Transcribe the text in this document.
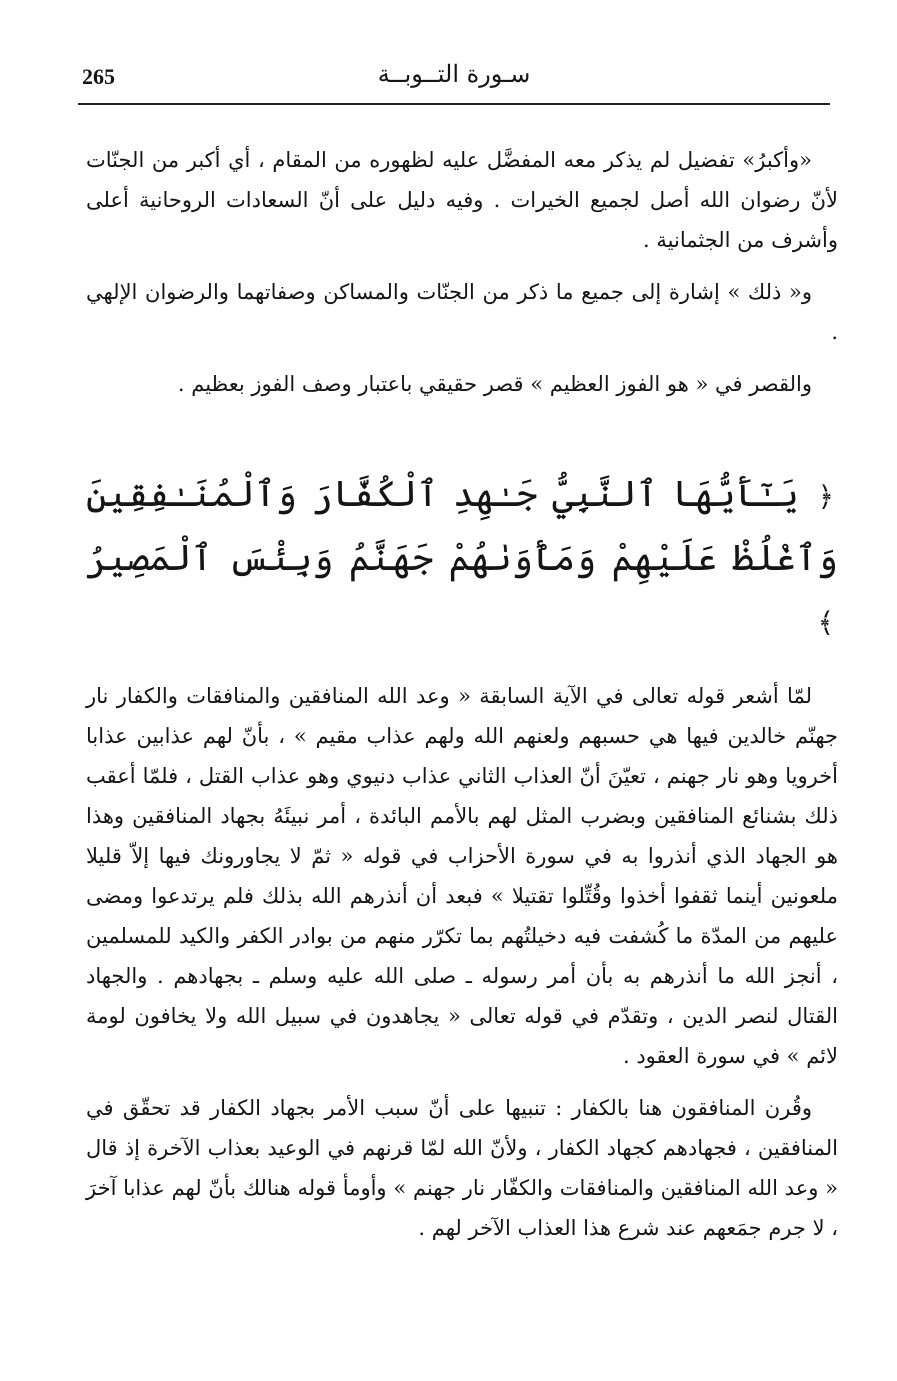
265	سـورة التــوبــة

«وأكبرُ» تفضيل لم يذكر معه المفضَّل عليه لظهوره من المقام ، أي أكبر من الجنّات لأنّ رضوان الله أصل لجميع الخيرات . وفيه دليل على أنّ السعادات الروحانية أعلى وأشرف من الجثمانية .

و« ذلك » إشارة إلى جميع ما ذكر من الجنّات والمساكن وصفاتهما والرضوان الإلهي .

والقصر في « هو الفوز العظيم » قصر حقيقي باعتبار وصف الفوز بعظيم .

﴿ يَـٰٓأَيُّهَا ٱلنَّبِيُّ جَـٰهِدِ ٱلْكُفَّارَ وَٱلْمُنَـٰفِقِينَ وَٱغْلُظْ عَلَيْهِمْ وَمَأْوَىٰهُمْ جَهَنَّمُ وَبِئْسَ ٱلْمَصِيرُ ﴾

لمّا أشعر قوله تعالى في الآية السابقة « وعد الله المنافقين والمنافقات والكفار نار جهنّم خالدين فيها هي حسبهم ولعنهم الله ولهم عذاب مقيم » ، بأنّ لهم عذابين عذابا أخرويا وهو نار جهنم ، تعيّنَ أنّ العذاب الثاني عذاب دنيوي وهو عذاب القتل ، فلمّا أعقب ذلك بشنائع المنافقين وبضرب المثل لهم بالأمم البائدة ، أمر نبيئَهُ بجهاد المنافقين وهذا هو الجهاد الذي أنذروا به في سورة الأحزاب في قوله « ثمّ لا يجاورونك فيها إلاّ قليلا ملعونين أينما ثقفوا أخذوا وقُتِّلوا تقتيلا » فبعد أن أنذرهم الله بذلك فلم يرتدعوا ومضى عليهم من المدّة ما كُشفت فيه دخيلتُهم بما تكرّر منهم من بوادر الكفر والكيد للمسلمين ، أنجز الله ما أنذرهم به بأن أمر رسوله ـ صلى الله عليه وسلم ـ بجهادهم . والجهاد القتال لنصر الدين ، وتقدّم في قوله تعالى « يجاهدون في سبيل الله ولا يخافون لومة لائم » في سورة العقود .

وقُرن المنافقون هنا بالكفار : تنبيها على أنّ سبب الأمر بجهاد الكفار قد تحقّق في المنافقين ، فجهادهم كجهاد الكفار ، ولأنّ الله لمّا قرنهم في الوعيد بعذاب الآخرة إذ قال « وعد الله المنافقين والمنافقات والكفّار نار جهنم » وأومأ قوله هنالك بأنّ لهم عذابا آخرَ ، لا جرم جمَعهم عند شرع هذا العذاب الآخر لهم .
